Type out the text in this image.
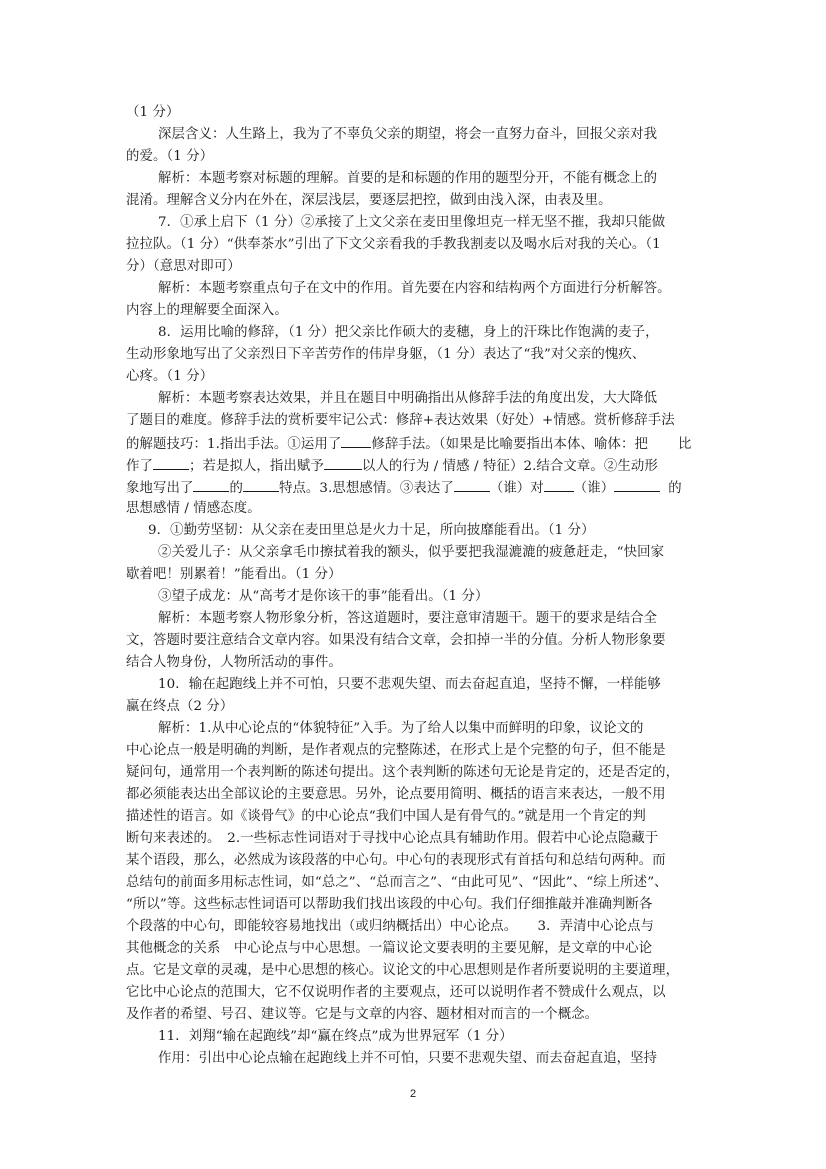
（1 分）
深层含义：人生路上，我为了不辜负父亲的期望，将会一直努力奋斗，回报父亲对我
的爱。（1 分）
解析：本题考察对标题的理解。首要的是和标题的作用的题型分开，不能有概念上的
混淆。理解含义分内在外在，深层浅层，要逐层把控，做到由浅入深，由表及里。
7．①承上启下（1 分）②承接了上文父亲在麦田里像坦克一样无坚不摧，我却只能做
拉拉队。（1 分）“供奉茶水”引出了下文父亲看我的手教我割麦以及喝水后对我的关心。（1
分）（意思对即可）
解析：本题考察重点句子在文中的作用。首先要在内容和结构两个方面进行分析解答。
内容上的理解要全面深入。
8．运用比喻的修辞，（1 分）把父亲比作硕大的麦穗，身上的汗珠比作饱满的麦子，
生动形象地写出了父亲烈日下辛苦劳作的伟岸身躯，（1 分）表达了“我”对父亲的愧疚、
心疼。（1 分）
解析：本题考察表达效果，并且在题目中明确指出从修辞手法的角度出发，大大降低
了题目的难度。修辞手法的赏析要牢记公式：修辞+表达效果（好处）+情感。赏析修辞手法
的解题技巧：1.指出手法。①运用了 修辞手法。（如果是比喻要指出本体、喻体：把 比
作了	；若是拟人，指出赋予	以人的行为 / 情感 / 特征）2.结合文章。②生动形
象地写出了	的	特点。3.思想感情。③表达了	（谁）对 （谁）	的
思想感情 / 情感态度。
9．①勤劳坚韧：从父亲在麦田里总是火力十足，所向披靡能看出。（1 分）
②关爱儿子：从父亲拿毛巾擦拭着我的额头，似乎要把我湿漉漉的疲惫赶走，“快回家
歇着吧！别累着！”能看出。（1 分）
③望子成龙：从“高考才是你该干的事”能看出。（1 分）
解析：本题考察人物形象分析，答这道题时，要注意审清题干。题干的要求是结合全
文，答题时要注意结合文章内容。如果没有结合文章，会扣掉一半的分值。分析人物形象要
结合人物身份，人物所活动的事件。
10．输在起跑线上并不可怕，只要不悲观失望、而去奋起直追，坚持不懈，一样能够
赢在终点（2 分）
解析：1.从中心论点的“体貌特征”入手。为了给人以集中而鲜明的印象，议论文的
中心论点一般是明确的判断，是作者观点的完整陈述，在形式上是个完整的句子，但不能是
疑问句，通常用一个表判断的陈述句提出。这个表判断的陈述句无论是肯定的，还是否定的，
都必须能表达出全部议论的主要意思。另外，论点要用简明、概括的语言来表达，一般不用
描述性的语言。如《谈骨气》的中心论点“我们中国人是有骨气的。”就是用一个肯定的判
断句来表述的。　2.一些标志性词语对于寻找中心论点具有辅助作用。假若中心论点隐藏于
某个语段，那么，必然成为该段落的中心句。中心句的表现形式有首括句和总结句两种。而
总结句的前面多用标志性词，如“总之”、“总而言之”、“由此可见”、“因此”、“综上所述”、
“所以”等。这些标志性词语可以帮助我们找出该段的中心句。我们仔细推敲并准确判断各
个段落的中心句，即能较容易地找出（或归纳概括出）中心论点。　　3．弄清中心论点与
其他概念的关系　中心论点与中心思想。一篇议论文要表明的主要见解，是文章的中心论
点。它是文章的灵魂，是中心思想的核心。议论文的中心思想则是作者所要说明的主要道理，
它比中心论点的范围大，它不仅说明作者的主要观点，还可以说明作者不赞成什么观点，以
及作者的希望、号召、建议等。它是与文章的内容、题材相对而言的一个概念。
11．刘翔“输在起跑线”却“赢在终点”成为世界冠军（1 分）
作用：引出中心论点输在起跑线上并不可怕，只要不悲观失望、而去奋起直追，坚持
2
